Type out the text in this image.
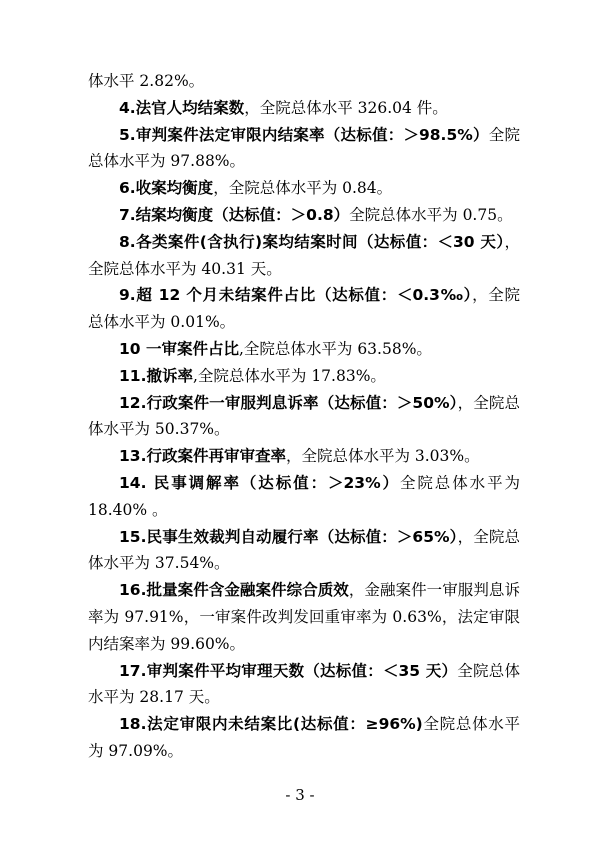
体水平 2.82%。

4.法官人均结案数，全院总体水平 326.04 件。

5.审判案件法定审限内结案率（达标值：＞98.5%）全院总体水平为 97.88%。

6.收案均衡度，全院总体水平为 0.84。

7.结案均衡度（达标值：＞0.8）全院总体水平为 0.75。

8.各类案件(含执行)案均结案时间（达标值：＜30 天），全院总体水平为 40.31 天。

9.超 12 个月未结案件占比（达标值：＜0.3‰），全院总体水平为 0.01%。

10 一审案件占比,全院总体水平为 63.58%。

11.撤诉率,全院总体水平为 17.83%。

12.行政案件一审服判息诉率（达标值：＞50%），全院总体水平为 50.37%。

13.行政案件再审审查率，全院总体水平为 3.03%。

14. 民事调解率（达标值：＞23%）全院总体水平为 18.40% 。

15.民事生效裁判自动履行率（达标值：＞65%），全院总体水平为 37.54%。

16.批量案件含金融案件综合质效，金融案件一审服判息诉率为 97.91%，一审案件改判发回重审率为 0.63%，法定审限内结案率为 99.60%。

17.审判案件平均审理天数（达标值：＜35 天）全院总体水平为 28.17 天。

18.法定审限内未结案比(达标值：≥96%)全院总体水平为 97.09%。

- 3 -
